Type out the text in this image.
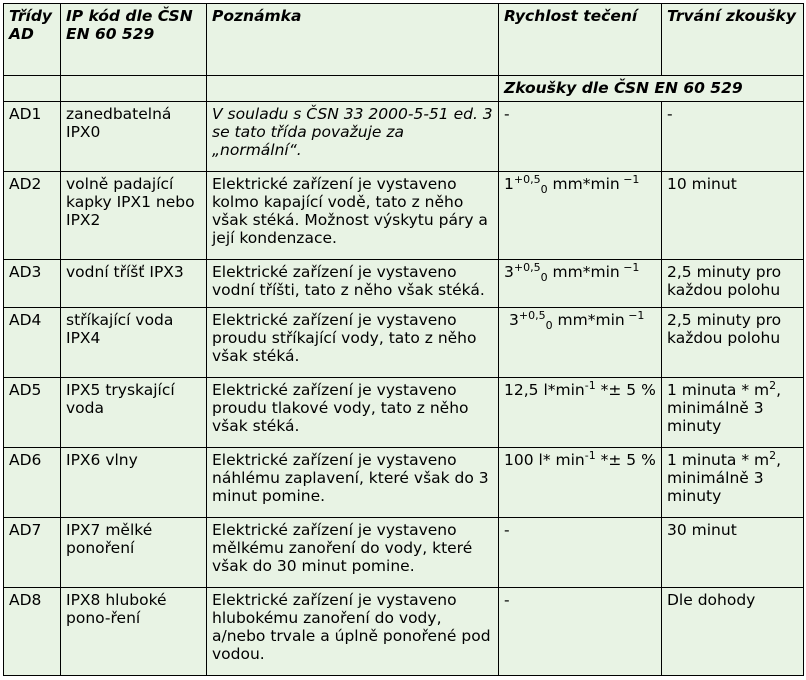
Třídy AD	IP kód dle ČSN EN 60 529	Poznámka	Rychlost tečení	Trvání zkoušky
			Zkoušky dle ČSN EN 60 529	
AD1	zanedbatelná IPX0	V souladu s ČSN 33 2000-5-51 ed. 3 se tato třída považuje za „normální“.	-	-
AD2	volně padající kapky IPX1 nebo IPX2	Elektrické zařízení je vystaveno kolmo kapající vodě, tato z něho však stéká. Možnost výskytu páry a její kondenzace.	$1^{+0,5}_0$ mm*min $^{-1}$	10 minut
AD3	vodní tříšť IPX3	Elektrické zařízení je vystaveno vodní tříšti, tato z něho však stéká.	$3^{+0,5}_0$ mm*min $^{-1}$	2,5 minuty pro každou polohu
AD4	stříkající voda IPX4	Elektrické zařízení je vystaveno proudu stříkající vody, tato z něho však stéká.	$3^{+0,5}_0$ mm*min $^{-1}$	2,5 minuty pro každou polohu
AD5	IPX5 tryskající voda	Elektrické zařízení je vystaveno proudu tlakové vody, tato z něho však stéká.	12,5 $l*\min^{-1} *\pm 5$ %	1 minuta * $m^2$, minimálně 3 minuty
AD6	IPX6 vlny	Elektrické zařízení je vystaveno náhlému zaplavení, které však do 3 minut pomine.	100 l* $\min^{-1} *\pm 5$ %	1 minuta * $m^2$, minimálně 3 minuty
AD7	IPX7 mělké ponoření	Elektrické zařízení je vystaveno mělkému zanoření do vody, které však do 30 minut pomine.	-	30 minut
AD8	IPX8 hluboké pono-ření	Elektrické zařízení je vystaveno hlubokému zanoření do vody, a/nebo trvale a úplně ponořené pod vodou.	-	Dle dohody
